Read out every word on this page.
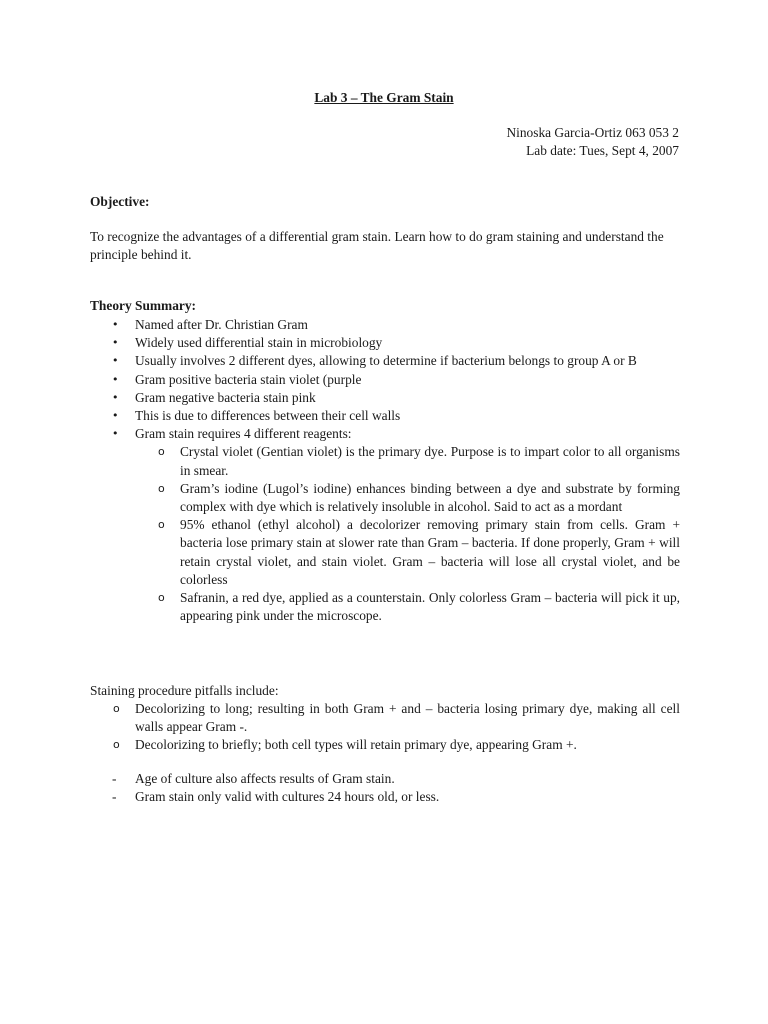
Lab 3 – The Gram Stain
Ninoska Garcia-Ortiz 063 053 2
Lab date: Tues, Sept 4, 2007
Objective:
To recognize the advantages of a differential gram stain. Learn how to do gram staining and understand the principle behind it.
Theory Summary:
• Named after Dr. Christian Gram
• Widely used differential stain in microbiology
• Usually involves 2 different dyes, allowing to determine if bacterium belongs to group A or B
• Gram positive bacteria stain violet (purple
• Gram negative bacteria stain pink
• This is due to differences between their cell walls
• Gram stain requires 4 different reagents:
o Crystal violet (Gentian violet) is the primary dye. Purpose is to impart color to all organisms in smear.
o Gram’s iodine (Lugol’s iodine) enhances binding between a dye and substrate by forming complex with dye which is relatively insoluble in alcohol. Said to act as a mordant
o 95% ethanol (ethyl alcohol) a decolorizer removing primary stain from cells. Gram + bacteria lose primary stain at slower rate than Gram – bacteria. If done properly, Gram + will retain crystal violet, and stain violet. Gram – bacteria will lose all crystal violet, and be colorless
o Safranin, a red dye, applied as a counterstain. Only colorless Gram – bacteria will pick it up, appearing pink under the microscope.
Staining procedure pitfalls include:
o Decolorizing to long; resulting in both Gram + and – bacteria losing primary dye, making all cell walls appear Gram -.
o Decolorizing to briefly; both cell types will retain primary dye, appearing Gram +.
- Age of culture also affects results of Gram stain.
- Gram stain only valid with cultures 24 hours old, or less.
